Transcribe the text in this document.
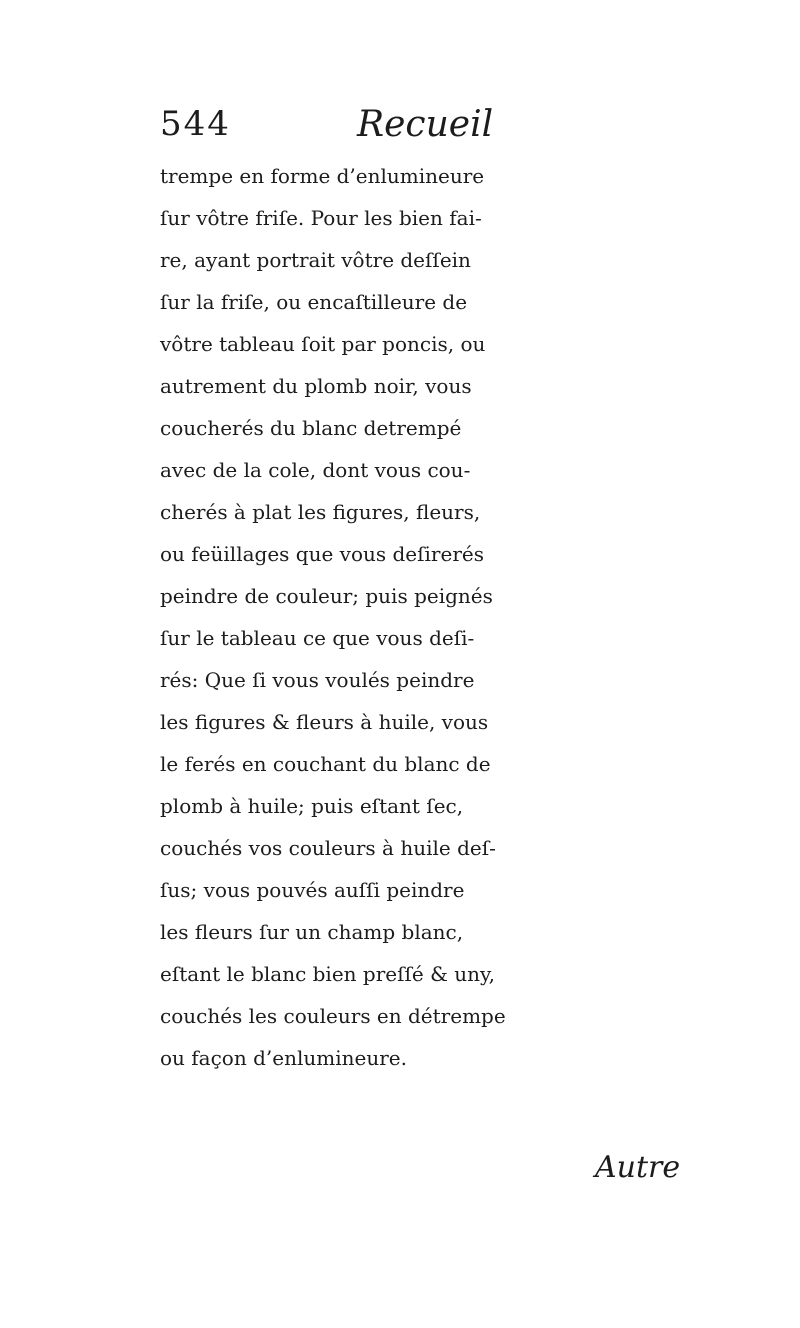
544	Recueil
trempe en forme d’enlumineure
ſur vôtre friſe. Pour les bien fai-
re, ayant portrait vôtre deſſein
ſur la friſe, ou encaſtilleure de
vôtre tableau ſoit par poncis, ou
autrement du plomb noir, vous
coucherés du blanc detrempé
avec de la cole, dont vous cou-
cherés à plat les figures, fleurs,
ou feüillages que vous deſirerés
peindre de couleur; puis peignés
ſur le tableau ce que vous deſi-
rés: Que ſi vous voulés peindre
les figures & fleurs à huile, vous
le ferés en couchant du blanc de
plomb à huile; puis eſtant ſec,
couchés vos couleurs à huile deſ-
ſus; vous pouvés auſſi peindre
les fleurs ſur un champ blanc,
eſtant le blanc bien preſſé & uny,
couchés les couleurs en détrempe
ou façon d’enlumineure.
Autre
